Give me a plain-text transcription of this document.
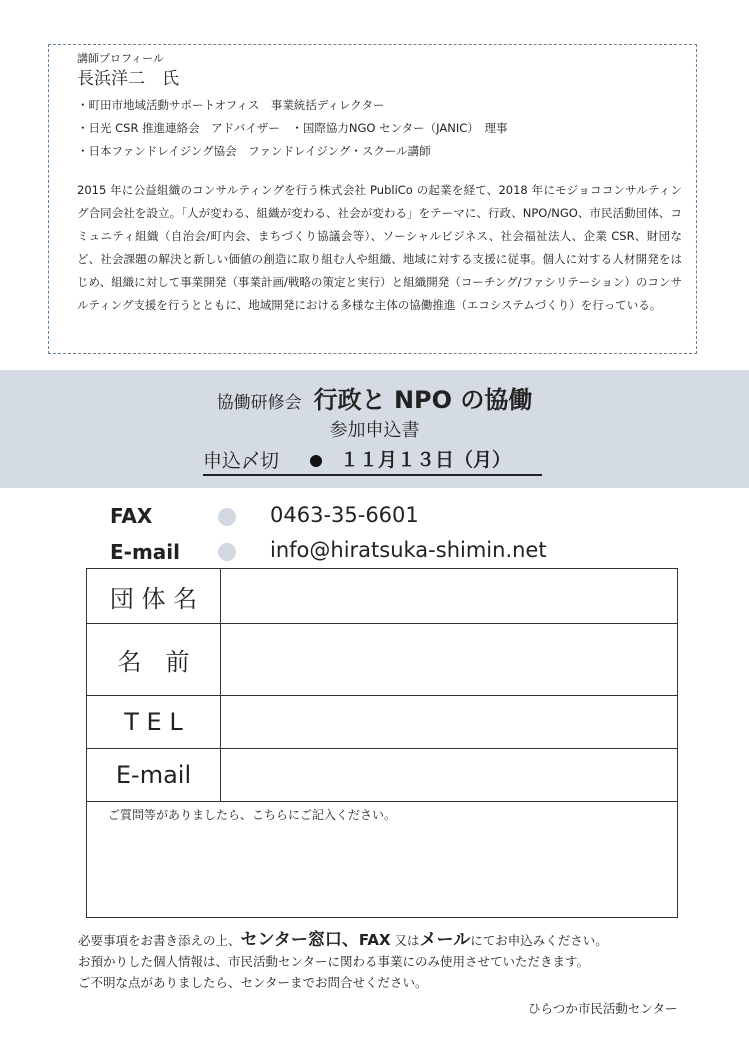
講師プロフィール

長浜洋二　氏

・町田市地域活動サポートオフィス　事業統括ディレクター
・日光 CSR 推進連絡会　アドバイザー　・国際協力NGO センター（JANIC）　理事
・日本ファンドレイジング協会　ファンドレイジング・スクール講師

2015 年に公益組織のコンサルティングを行う株式会社 PubliCo の起業を経て、2018 年にモジョココンサルティング合同会社を設立。「人が変わる、組織が変わる、社会が変わる」をテーマに、行政、NPO/NGO、市民活動団体、コミュニティ組織（自治会/町内会、まちづくり協議会等）、ソーシャルビジネス、社会福祉法人、企業 CSR、財団など、社会課題の解決と新しい価値の創造に取り組む人や組織、地域に対する支援に従事。個人に対する人材開発をはじめ、組織に対して事業開発（事業計画/戦略の策定と実行）と組織開発（コーチング/ファシリテーション）のコンサルティング支援を行うとともに、地域開発における多様な主体の協働推進（エコシステムづくり）を行っている。

協働研修会 行政と NPO の協働
参加申込書
申込〆切	１１月１３日（月）
FAX	0463-35-6601
E-mail	info@hiratsuka-shimin.net
団 体 名	
名　前	
T E L	
E-mail	
ご質問等がありましたら、こちらにご記入ください。	

必要事項をお書き添えの上、センター窓口、FAX 又はメールにてお申込みください。

お預かりした個人情報は、市民活動センターに関わる事業にのみ使用させていただきます。

ご不明な点がありましたら、センターまでお問合せください。

ひらつか市民活動センター
